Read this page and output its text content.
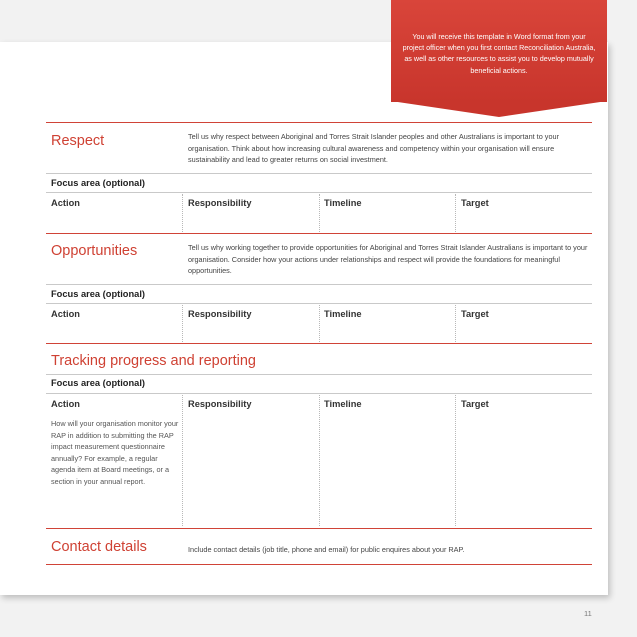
You will receive this template in Word format from your project officer when you first contact Reconciliation Australia, as well as other resources to assist you to develop mutually beneficial actions.
Respect	Tell us why respect between Aboriginal and Torres Strait Islander peoples and other Australians is important to your organisation. Think about how increasing cultural awareness and competency within your organisation will ensure sustainability and lead to greater returns on social investment.
Focus area (optional)
Action	Responsibility	Timeline	Target
Opportunities	Tell us why working together to provide opportunities for Aboriginal and Torres Strait Islander Australians is important to your organisation. Consider how your actions under relationships and respect will provide the foundations for meaningful opportunities.
Focus area (optional)
Action	Responsibility	Timeline	Target
Tracking progress and reporting
Focus area (optional)
Action	Responsibility	Timeline	Target
How will your organisation monitor your RAP in addition to submitting the RAP impact measurement questionnaire annually? For example, a regular agenda item at Board meetings, or a section in your annual report.
Contact details	Include contact details (job title, phone and email) for public enquires about your RAP.
11
